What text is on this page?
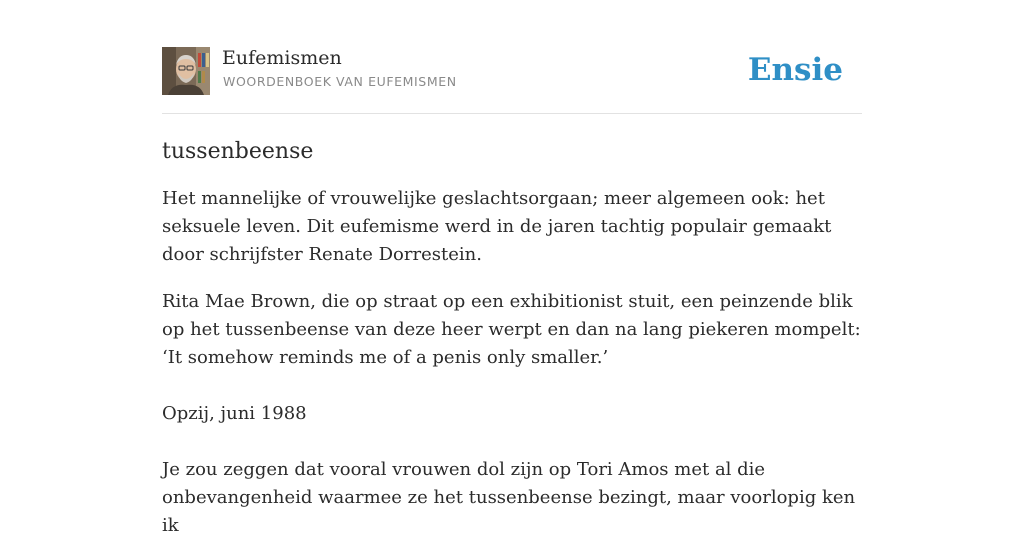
Eufemismen
WOORDENBOEK VAN EUFEMISMEN	Ensie
tussenbeense

Het mannelijke of vrouwelijke geslachtsorgaan; meer algemeen ook: het seksuele leven. Dit eufemisme werd in de jaren tachtig populair gemaakt door schrijfster Renate Dorrestein.

Rita Mae Brown, die op straat op een exhibitionist stuit, een peinzende blik op het tussenbeense van deze heer werpt en dan na lang piekeren mompelt: ‘It somehow reminds me of a penis only smaller.’

Opzij, juni 1988

Je zou zeggen dat vooral vrouwen dol zijn op Tori Amos met al die onbevangenheid waarmee ze het tussenbeense bezingt, maar voorlopig ken ik
